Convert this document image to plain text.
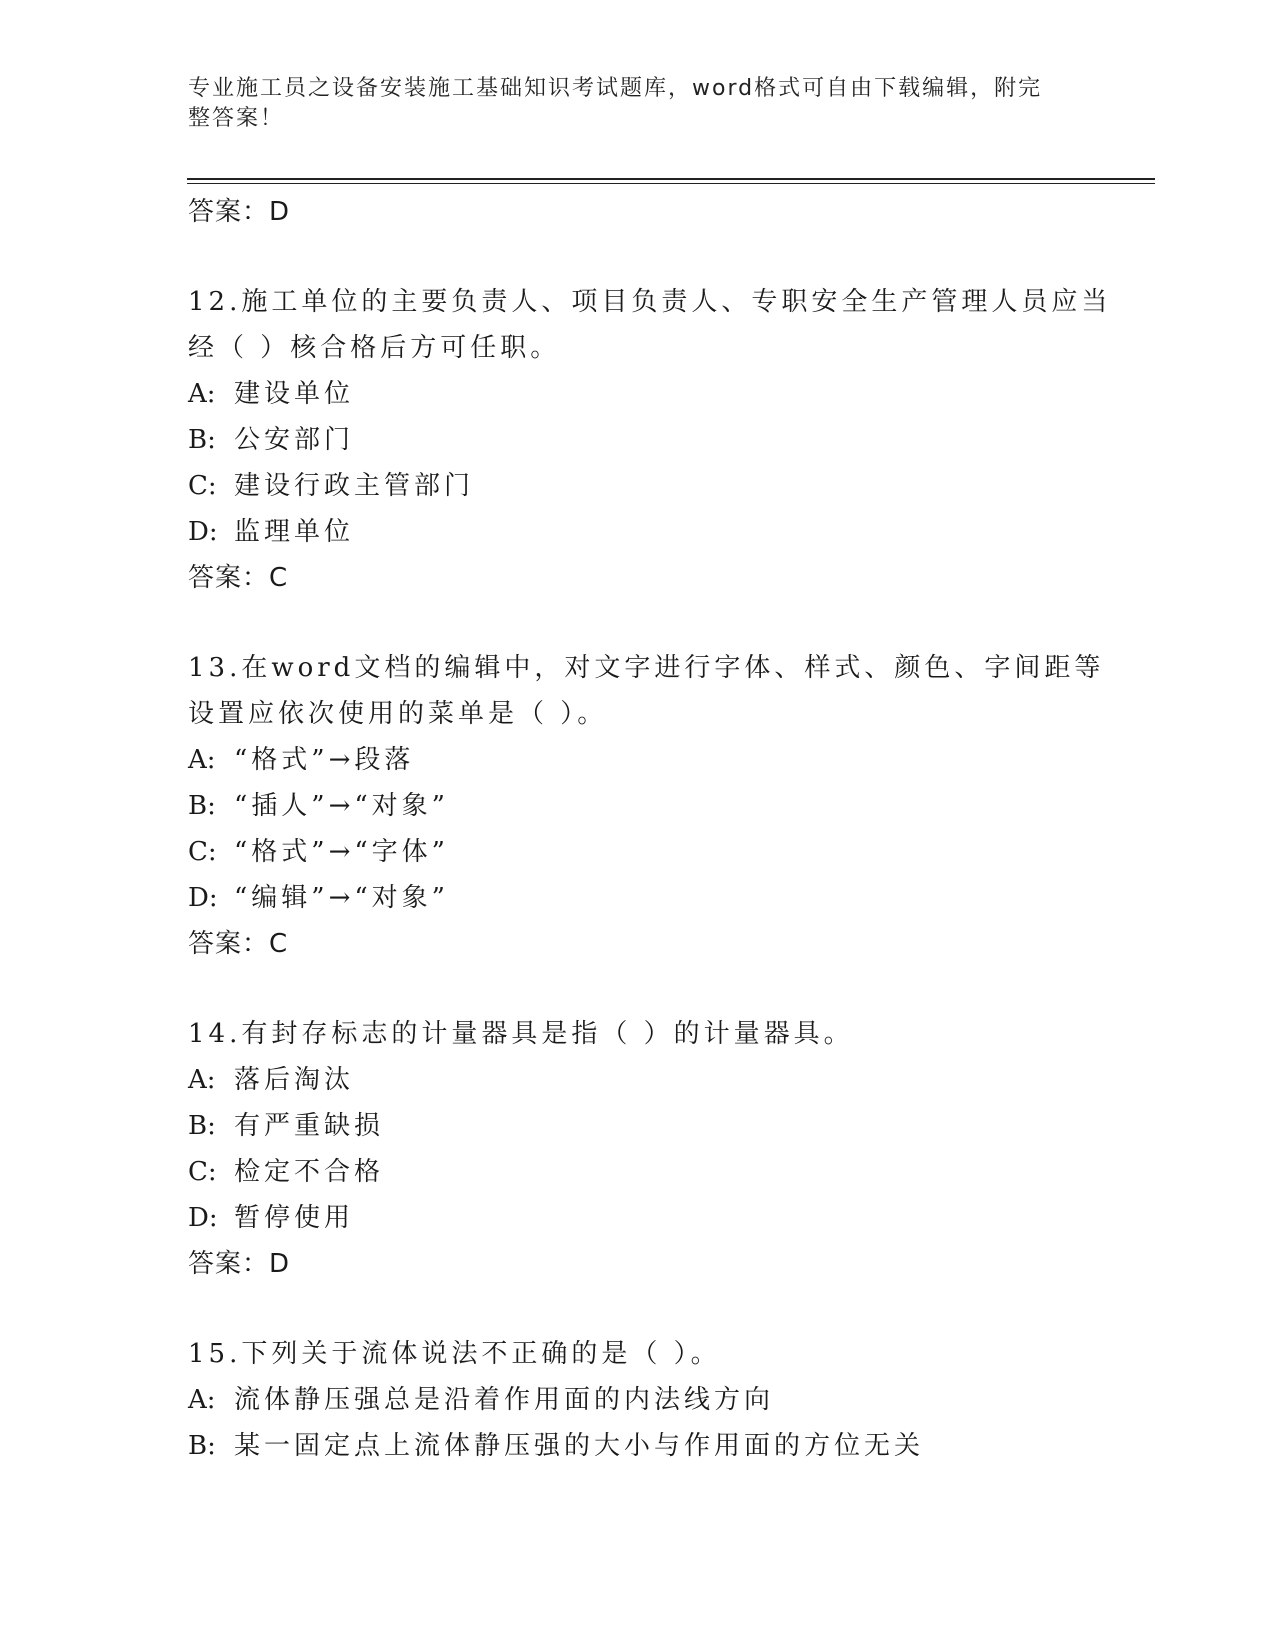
专业施工员之设备安装施工基础知识考试题库，word格式可自由下载编辑，附完
整答案！
答案：D
12.施工单位的主要负责人、项目负责人、专职安全生产管理人员应当
经（ ）核合格后方可任职。
A: 建设单位
B: 公安部门
C: 建设行政主管部门
D: 监理单位
答案：C
13.在word文档的编辑中，对文字进行字体、样式、颜色、字间距等
设置应依次使用的菜单是（ ）。
A: “格式”→段落
B: “插人”→“对象”
C: “格式”→“字体”
D: “编辑”→“对象”
答案：C
14.有封存标志的计量器具是指（ ）的计量器具。
A: 落后淘汰
B: 有严重缺损
C: 检定不合格
D: 暂停使用
答案：D
15.下列关于流体说法不正确的是（ ）。
A: 流体静压强总是沿着作用面的内法线方向
B: 某一固定点上流体静压强的大小与作用面的方位无关
